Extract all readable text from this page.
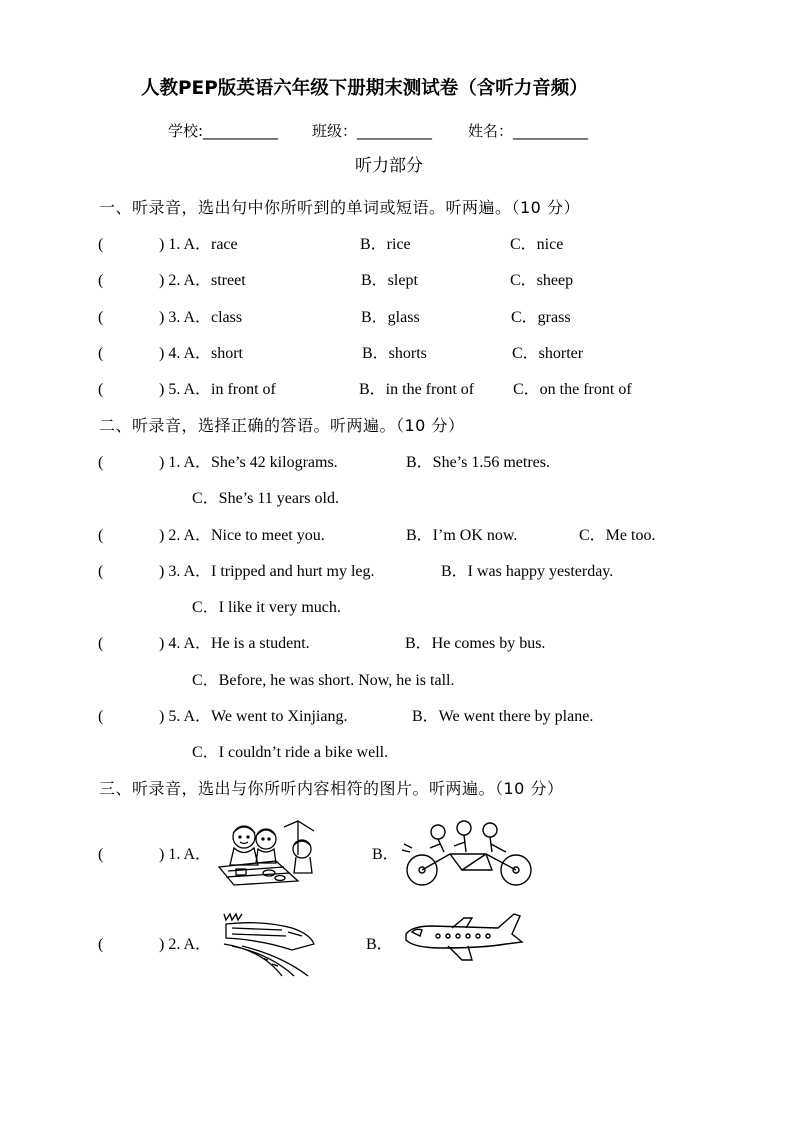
人教PEP版英语六年级下册期末测试卷（含听力音频）
学校:__________ 班级：__________ 姓名：__________
听力部分
一、听录音，选出句中你所听到的单词或短语。听两遍。（10 分）
(	) 1. A．race	B．rice	C．nice
(	) 2. A．street	B．slept	C．sheep
(	) 3. A．class	B．glass	C．grass
(	) 4. A．short	B．shorts	C．shorter
(	) 5. A．in front of	B．in the front of C．on the front of
二、听录音，选择正确的答语。听两遍。（10 分）
(	) 1. A．She’s 42 kilograms.	B．She’s 1.56 metres.
C．She’s 11 years old.
(	) 2. A．Nice to meet you.	B．I’m OK now.	C．Me too.
(	) 3. A．I tripped and hurt my leg.	B．I was happy yesterday.
C．I like it very much.
(	) 4. A．He is a student.	B．He comes by bus.
C．Before, he was short. Now, he is tall.
(	) 5. A．We went to Xinjiang.	B．We went there by plane.
C．I couldn’t ride a bike well.
三、听录音，选出与你所听内容相符的图片。听两遍。（10 分）
(	) 1. A．	B．
(	) 2. A．	B．
